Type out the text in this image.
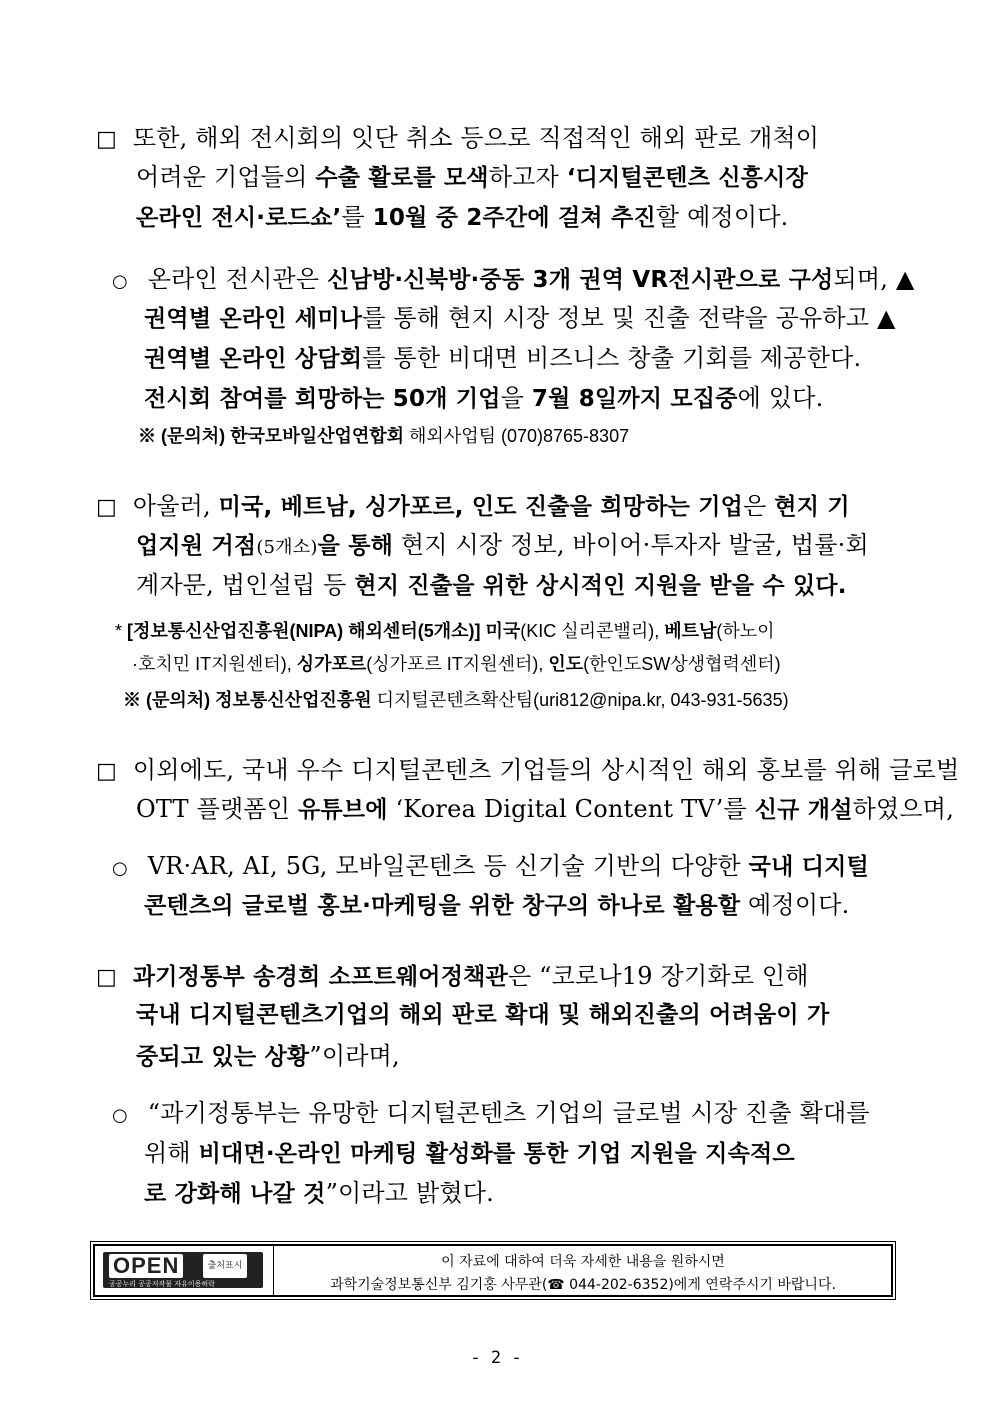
□ 또한, 해외 전시회의 잇단 취소 등으로 직접적인 해외 판로 개척이
어려운 기업들의 수출 활로를 모색하고자 ‘디지털콘텐츠 신흥시장
온라인 전시·로드쇼’를 10월 중 2주간에 걸쳐 추진할 예정이다.
○ 온라인 전시관은 신남방·신북방·중동 3개 권역 VR전시관으로 구성되며, ▲
권역별 온라인 세미나를 통해 현지 시장 정보 및 진출 전략을 공유하고 ▲
권역별 온라인 상담회를 통한 비대면 비즈니스 창출 기회를 제공한다.
전시회 참여를 희망하는 50개 기업을 7월 8일까지 모집중에 있다.
※ (문의처) 한국모바일산업연합회 해외사업팀 (070)8765-8307
□ 아울러, 미국, 베트남, 싱가포르, 인도 진출을 희망하는 기업은 현지 기
업지원 거점(5개소)을 통해 현지 시장 정보, 바이어·투자자 발굴, 법률·회
계자문, 법인설립 등 현지 진출을 위한 상시적인 지원을 받을 수 있다.
* [정보통신산업진흥원(NIPA) 해외센터(5개소)] 미국(KIC 실리콘밸리), 베트남(하노이
·호치민 IT지원센터), 싱가포르(싱가포르 IT지원센터), 인도(한인도SW상생협력센터)
※ (문의처) 정보통신산업진흥원 디지털콘텐츠확산팀(uri812@nipa.kr, 043-931-5635)
□ 이외에도, 국내 우수 디지털콘텐츠 기업들의 상시적인 해외 홍보를 위해 글로벌
OTT 플랫폼인 유튜브에 ‘Korea Digital Content TV’를 신규 개설하였으며,
○ VR·AR, AI, 5G, 모바일콘텐츠 등 신기술 기반의 다양한 국내 디지털
콘텐츠의 글로벌 홍보·마케팅을 위한 창구의 하나로 활용할 예정이다.
□ 과기정통부 송경희 소프트웨어정책관은 “코로나19 장기화로 인해
국내 디지털콘텐츠기업의 해외 판로 확대 및 해외진출의 어려움이 가
중되고 있는 상황”이라며,
○ “과기정통부는 유망한 디지털콘텐츠 기업의 글로벌 시장 진출 확대를
위해 비대면·온라인 마케팅 활성화를 통한 기업 지원을 지속적으
로 강화해 나갈 것”이라고 밝혔다.
OPEN	출처표시
공공누리 공공저작물 자유이용허락
이 자료에 대하여 더욱 자세한 내용을 원하시면
과학기술정보통신부 김기홍 사무관(☎ 044-202-6352)에게 연락주시기 바랍니다.
- 2 -
